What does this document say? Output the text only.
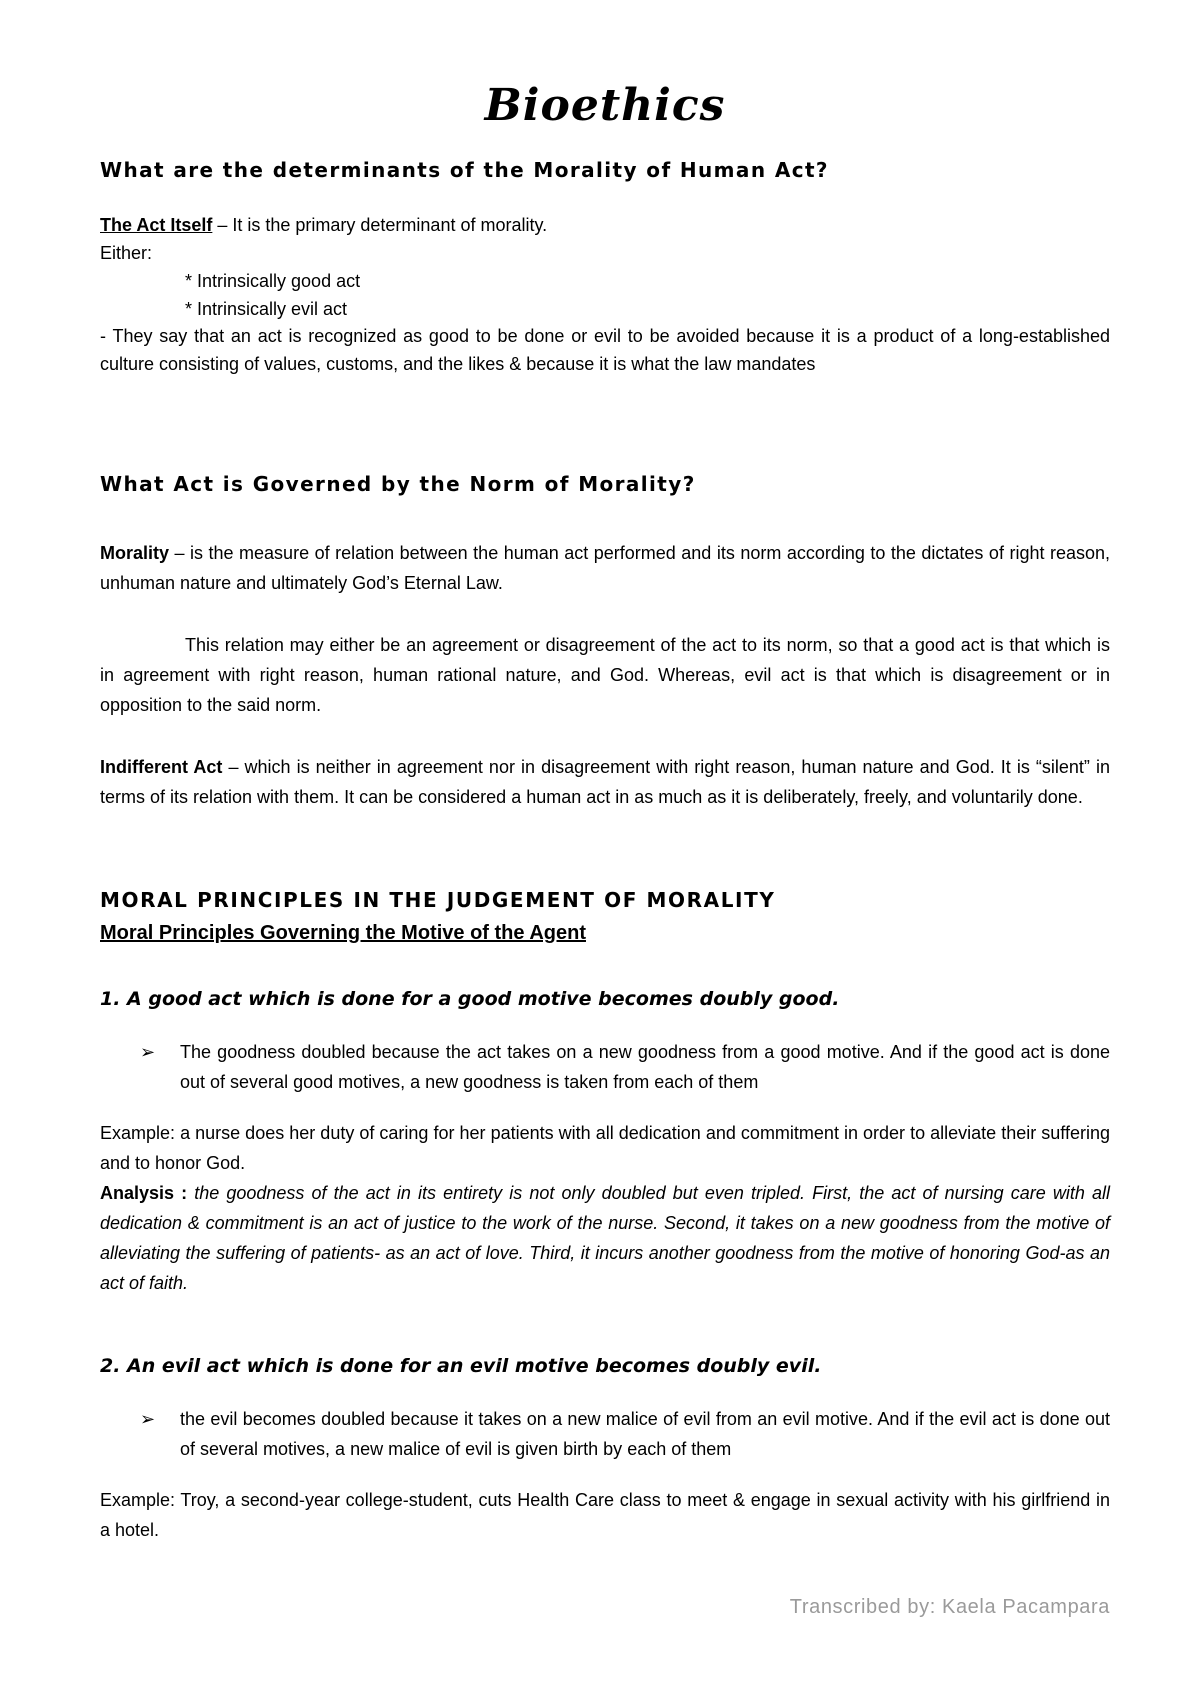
Bioethics
What are the determinants of the Morality of Human Act?

The Act Itself – It is the primary determinant of morality.

Either:

* Intrinsically good act

* Intrinsically evil act

- They say that an act is recognized as good to be done or evil to be avoided because it is a product of a long-established culture consisting of values, customs, and the likes & because it is what the law mandates

What Act is Governed by the Norm of Morality?

Morality – is the measure of relation between the human act performed and its norm according to the dictates of right reason, unhuman nature and ultimately God’s Eternal Law.

This relation may either be an agreement or disagreement of the act to its norm, so that a good act is that which is in agreement with right reason, human rational nature, and God. Whereas, evil act is that which is disagreement or in opposition to the said norm.

Indifferent Act – which is neither in agreement nor in disagreement with right reason, human nature and God. It is “silent” in terms of its relation with them. It can be considered a human act in as much as it is deliberately, freely, and voluntarily done.

MORAL PRINCIPLES IN THE JUDGEMENT OF MORALITY
Moral Principles Governing the Motive of the Agent
1. A good act which is done for a good motive becomes doubly good.
➢	The goodness doubled because the act takes on a new goodness from a good motive. And if the good act is done out of several good motives, a new goodness is taken from each of them

Example: a nurse does her duty of caring for her patients with all dedication and commitment in order to alleviate their suffering and to honor God.

Analysis : the goodness of the act in its entirety is not only doubled but even tripled. First, the act of nursing care with all dedication & commitment is an act of justice to the work of the nurse. Second, it takes on a new goodness from the motive of alleviating the suffering of patients- as an act of love. Third, it incurs another goodness from the motive of honoring God-as an act of faith.

2. An evil act which is done for an evil motive becomes doubly evil.
➢	the evil becomes doubled because it takes on a new malice of evil from an evil motive. And if the evil act is done out of several motives, a new malice of evil is given birth by each of them

Example: Troy, a second-year college-student, cuts Health Care class to meet & engage in sexual activity with his girlfriend in a hotel.

Transcribed by: Kaela Pacampara
